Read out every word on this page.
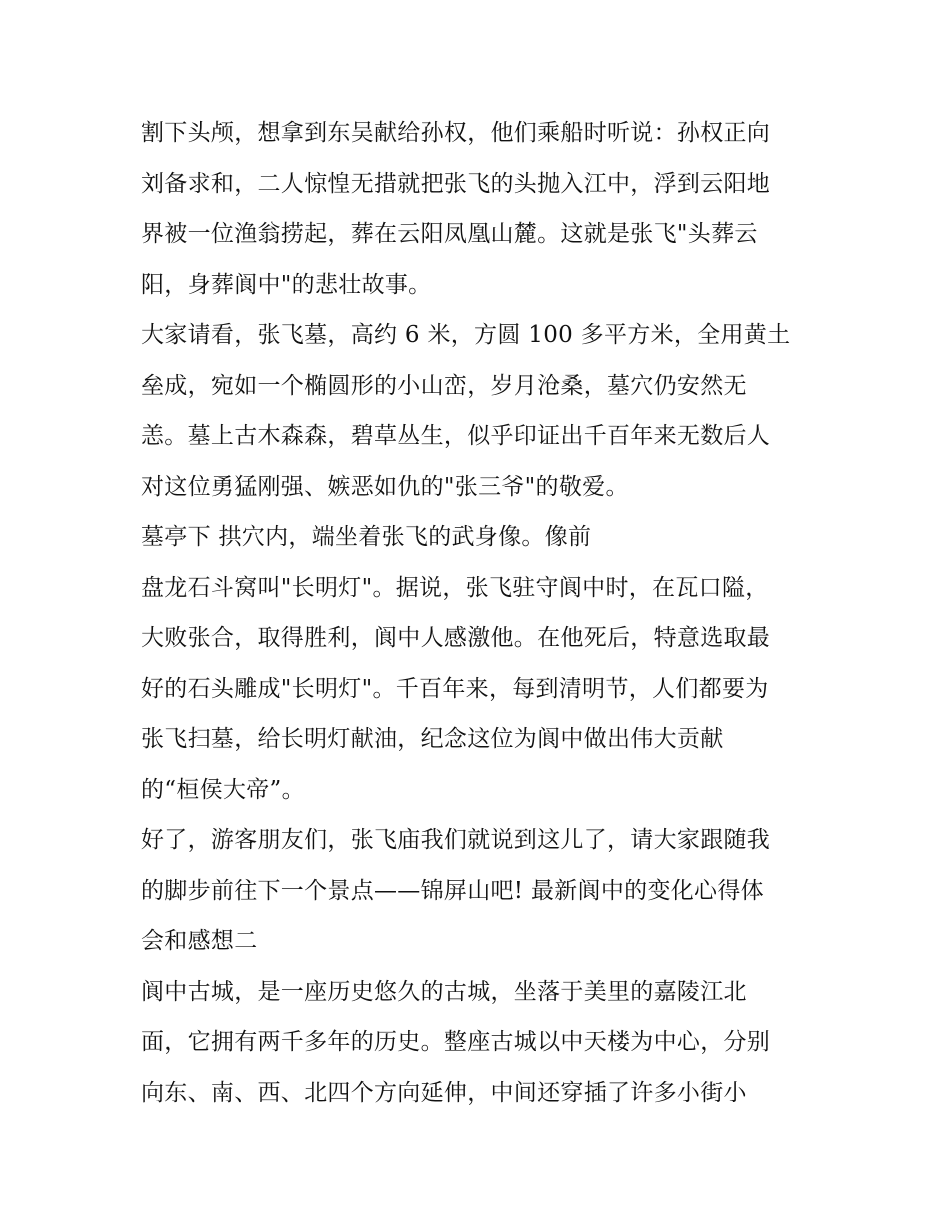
割下头颅，想拿到东吴献给孙权，他们乘船时听说：孙权正向
刘备求和，二人惊惶无措就把张飞的头抛入江中，浮到云阳地
界被一位渔翁捞起，葬在云阳凤凰山麓。这就是张飞"头葬云
阳，身葬阆中"的悲壮故事。
大家请看，张飞墓，高约 6 米，方圆 100 多平方米，全用黄土
垒成，宛如一个椭圆形的小山峦，岁月沧桑，墓穴仍安然无
恙。墓上古木森森，碧草丛生，似乎印证出千百年来无数后人
对这位勇猛刚强、嫉恶如仇的"张三爷"的敬爱。
墓亭下 拱穴内，端坐着张飞的武身像。像前
盘龙石斗窝叫"长明灯"。据说，张飞驻守阆中时，在瓦口隘，
大败张合，取得胜利，阆中人感激他。在他死后，特意选取最
好的石头雕成"长明灯"。千百年来，每到清明节，人们都要为
张飞扫墓，给长明灯献油，纪念这位为阆中做出伟大贡献
的“桓侯大帝”。
好了，游客朋友们，张飞庙我们就说到这儿了，请大家跟随我
的脚步前往下一个景点——锦屏山吧! 最新阆中的变化心得体
会和感想二
阆中古城，是一座历史悠久的古城，坐落于美里的嘉陵江北
面，它拥有两千多年的历史。整座古城以中天楼为中心，分别
向东、南、西、北四个方向延伸，中间还穿插了许多小街小
